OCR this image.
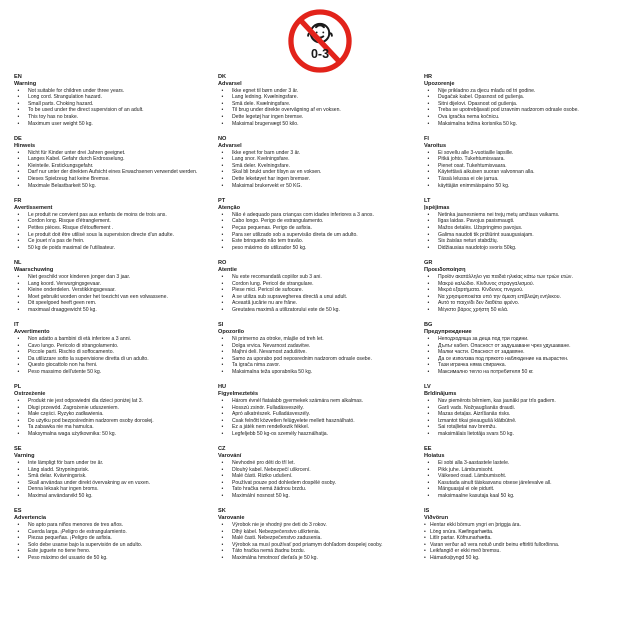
0-3
EN
Warning
• Not suitable for children under three years.
• Long cord. Strangulation hazard.
• Small parts. Choking hazard.
• To be used under the direct supervision of an adult.
• This toy has no brake.
• Maximum user weight 50 kg.
DE
Hinweis
• Nicht für Kinder unter drei Jahren geeignet.
• Langes Kabel. Gefahr durch Erdrosselung.
• Kleinteile. Erstickungsgefahr.
• Darf nur unter der direkten Aufsicht eines Erwachsenen verwendet werden.
• Dieses Spielzeug hat keine Bremse.
• Maximale Belastbarkeit 50 kg.
FR
Avertissement
• Le produit ne convient pas aux enfants de moins de trois ans.
• Cordon long. Risque d'étranglement.
• Petites pièces. Risque d'étouffement .
• Le produit doit être utilisé sous la supervision directe d'un adulte.
• Ce jouet n'a pas de frein.
• 50 kg de poids maximal de l'utilisateur.
NL
Waarschuwing
• Niet geschikt voor kinderen jonger dan 3 jaar.
• Lang koord. Verwurgingsgevaar.
• Kleine onderdelen. Verstikkingsgevaar.
• Moet gebruikt worden onder het toezicht van een volwassene.
• Dit speelgoed heeft geen rem.
• maximaal draaggewicht 50 kg.
IT
Avvertimento
• Non adatto a bambini di età inferiore a 3 anni.
• Cavo lungo. Pericolo di strangolamento.
• Piccole parti. Rischio di soffocamento.
• Da utilizzare sotto la supervisione diretta di un adulto.
• Questo giocattolo non ha freni.
• Peso massimo dell'utente 50 kg.
PL
Ostrzeżenie
• Produkt nie jest odpowiedni dla dzieci poniżej lat 3.
• Długi przewód. Zagrożenie uduszeniem.
• Małe części. Ryzyko zadławienia.
• Do użytku pod bezpośrednim nadzorem osoby dorosłej.
• Ta zabawka nie ma hamulca.
• Maksymalna waga użytkownika: 50 kg.
SE
Varning
• Inte lämpligt för barn under tre år.
• Lång sladd. Strypningsrisk.
• Små delar. Kvävningsrisk.
• Skall användas under direkt övervakning av en vuxen.
• Denna leksak har ingen broms.
• Maximal användarvikt 50 kg.
ES
Advertencia
• No apto para niños menores de tres años.
• Cuerda larga. ¡Peligro de estrangulamiento.
• Piezas pequeñas. ¡Peligro de asfixia.
• Solo debe usarse bajo la supervisión de un adulto.
• Este juguete no tiene freno.
• Peso máximo del usuario de 50 kg.
DK
Advarsel
• Ikke egnet til børn under 3 år.
• Lang ledning. Kvælningsfare.
• Små dele. Kvælningsfare.
• Til brug under direkte overvågning af en voksen.
• Dette legetøj har ingen bremse.
• Maksimal brugervægt 50 kilo.
NO
Advarsel
• Ikke egnet for barn under 3 år.
• Lang snor. Kvelningsfare.
• Små deler. Kvelningsfare.
• Skal bli brukt under tilsyn av en voksen.
• Dette leketøyet har ingen bremser.
• Maksimal brukervekt er 50 KG.
PT
Atenção
• Não é adequado para crianças com idades inferiores a 3 anos.
• Cabo longo. Perigo de estrangulamento.
• Peças pequenas. Perigo de asfixia.
• Para ser utilizado sob a supervisão direta de um adulto.
• Este brinquedo não tem travão.
• peso máximo do utilizador 50 kg.
RO
Atentie
• Nu este recomandată copiilor sub 3 ani.
• Cordon lung. Pericol de strangulare.
• Piese mici. Pericol de sufocare.
• A se utiliza sub supravegherea directă a unui adult.
• Această jucărie nu are frâne.
• Greutatea maximă a utilizatorului este de 50 kg.
SI
Opozorilo
• Ni primerno za otroke, mlajše od treh let.
• Dolga vrvica. Nevarnost zadavitve.
• Majhni deli. Nevarnost zadušitve.
• Samo za uporabo pod neposrednim nadzorom odrasle osebe.
• Ta igrača nima zavor.
• Maksimalna teža uporabnika 50 kg.
HU
Figyelmeztetés
• Három évnél fiatalabb gyermekek számára nem alkalmas.
• Hosszú zsinór. Fulladásveszély.
• Apró alkatrészek. Fulladásveszély.
• Csak felnőtt közvetlen felügyelete mellett használható.
• Ez a játék nem rendelkezik fékkel.
• Legfeljebb 50 kg-os személy használhatja.
CZ
Varování
• Nevhodné pro děti do tří let.
• Dlouhý kabel. Nebezpečí uškrcení.
• Malé části. Riziko udušení.
• Používat pouze pod dohledem dospělé osoby.
• Tato hračka nemá žádnou brzdu.
• Maximální nosnost 50 kg.
SK
Varovanie
• Výrobok nie je vhodný pre deti do 3 rokov.
• Dlhý kábel. Nebezpečenstvo uškrtenia.
• Malé časti. Nebezpečenstvo zadusenia.
• Výrobok sa musí používať pod priamym dohľadom dospelej osoby.
• Táto hračka nemá žiadnu brzdu.
• Maximálna hmotnosť dieťaťa je 50 kg.
HR
Upozorenje
• Nije prikladno za djecu mlađu od tri godine.
• Dugačak kabel. Opasnost od gušenja.
• Sitni dijelovi. Opasnost od gušenja.
• Treba se upotrebljavati pod izravnim nadzorom odrasle osobe.
• Ova igračka nema kočnicu.
• Maksimalna težina korisnika 50 kg.
FI
Varoitus
• Ei sovellu alle 3-vuotiaille lapsille.
• Pitkä johto. Tukehtumisvaara.
• Pienet osat. Tukehtumisvaara.
• Käytettävä aikuisen suoran valvonnan alla.
• Tässä lelussa ei ole jarrua.
• käyttäjän enimmäispaino 50 kg.
LT
Įspėjimas
• Netinka jaunesniems nei trejų metų amžiaus vaikams.
• Ilgas laidas. Pavojus pasismaugti.
• Mažos detalės. Užspringimo pavojus.
• Galima naudoti tik prižiūrint suaugusiajam.
• Šis žaislas neturi stabdžių.
• Didžiausias naudotojo svoris 50kg.
GR
Προειδοποίηση
• Προϊόν ακατάλληλο για παιδιά ηλικίας κάτω των τριών ετών.
• Μακρύ καλώδιο. Κίνδυνος στραγγαλισμού.
• Μικρά εξαρτήματα. Κίνδυνος πνιγμού.
• Να χρησιμοποιείται υπό την άμεση επίβλεψη ενήλικου.
• Αυτό το παιχνίδι δεν διαθέτει φρένο.
• Μέγιστο βάρος χρήστη 50 κιλά.
BG
Предупреждение
• Неподходяща за деца под три години.
• Дълъг кабел. Опасност от задушаване чрез удушаване.
• Малки части. Опасност от задавяне.
• Да се използва под прякото наблюдение на възрастен.
• Тази играчка няма спирачка.
• Максимално тегло на потребителя 50 кг.
LV
Brīdinājums
• Nav piemērots bērniem, kas jaunāki par trīs gadiem.
• Garš vads. Nožņaugšanās draudi.
• Mazas detaļas. Aizrīšanās risks.
• Izmantot tikai pieaugušā klātbūtnē.
• Šai rotaļlietai nav bremžu.
• maksimālais lietotāja svars 50 kg.
EE
Hoiatus
• Ei sobi alla 3-aastastele lastele.
• Pikk juhe. Lämbumisoht.
• Väikesed osad. Lämbumisoht.
• Kasutada ainult täiskasvanu otsese järelevalve all.
• Mänguasjal ei ole pidurit.
• maksimaalne kasutaja kaal 50 kg.
IS
Viðvörun
• Hentar ekki börnum yngri en þriggja ára.
• Löng snúra. Kæfingarhætta.
• Litlir partar. Köfnunarhætta.
• Varan verður að vera notuð undir beinu eftirliti fullorðinna.
• Leikfangið er ekki með bremsu.
• Hámarksþyngd 50 kg.
